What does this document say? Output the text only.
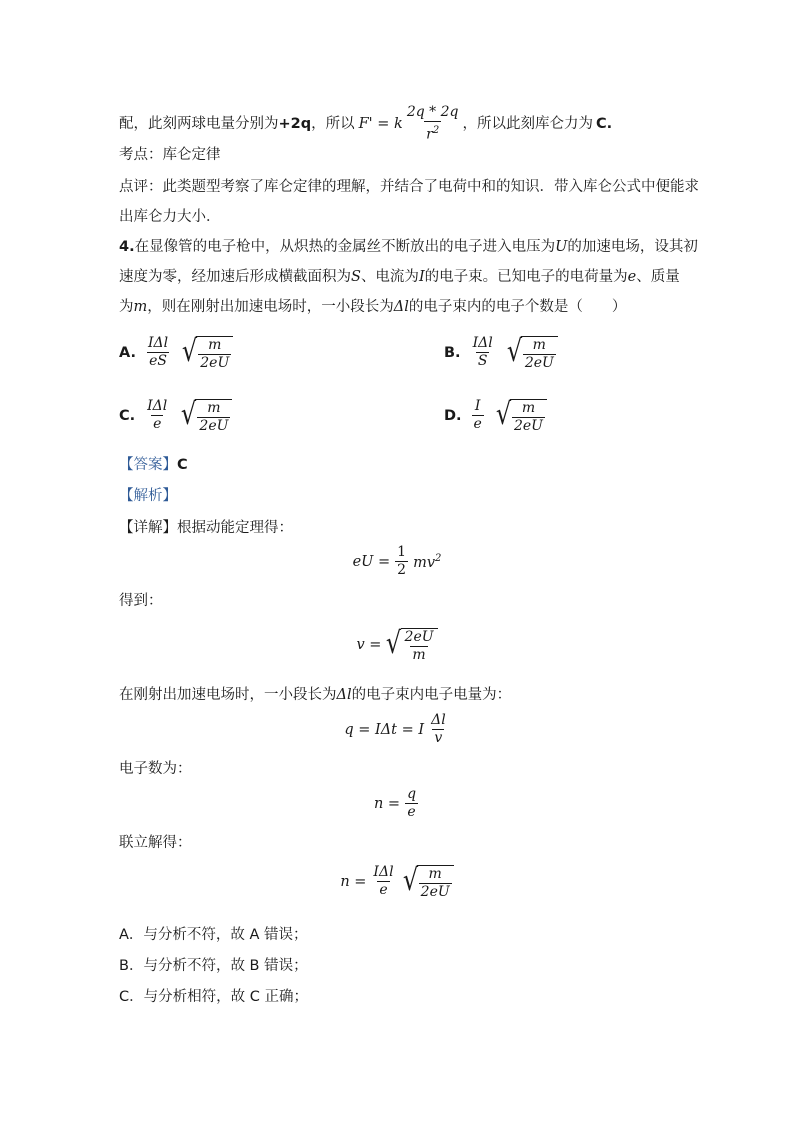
配，此刻两球电量分别为 +2q ，所以 F' = k $\frac{2q * 2q}{r^2}$ ，所以此刻库仑力为 C .
考点：库仑定律
点评：此类题型考察了库仑定律的理解，并结合了电荷中和的知识．带入库仑公式中便能求
出库仑力大小．
4.在显像管的电子枪中，从炽热的金属丝不断放出的电子进入电压为U的加速电场，设其初
速度为零，经加速后形成横截面积为S、电流为I的电子束。已知电子的电荷量为e、质量
为m，则在刚射出加速电场时，一小段长为Δl的电子束内的电子个数是（　　）
A. $\frac{\text{IΔl}}{eS}$ √ $\frac{m}{2eU}$	B. $\frac{\text{IΔl}}{S}$ √ $\frac{m}{2eU}$
C. $\frac{\text{IΔl}}{e}$ √ $\frac{m}{2eU}$	D. $\frac{I}{e}$ √ $\frac{m}{2eU}$
【答案】C
【解析】
【详解】根据动能定理得：
eU = $\frac{1}{2} mv^2$
得到：
v = √ $\frac{2eU}{m}$
在刚射出加速电场时，一小段长为Δl的电子束内电子电量为：
q = IΔt = I $\frac{\Delta l}{v}$
电子数为：
$n = \frac{q}{e}$
联立解得：
$n = \frac{\text{IΔl}}{e}$ √ $\frac{m}{2eU}$
A．与分析不符，故 A 错误；
B．与分析不符，故 B 错误；
C．与分析相符，故 C 正确；
